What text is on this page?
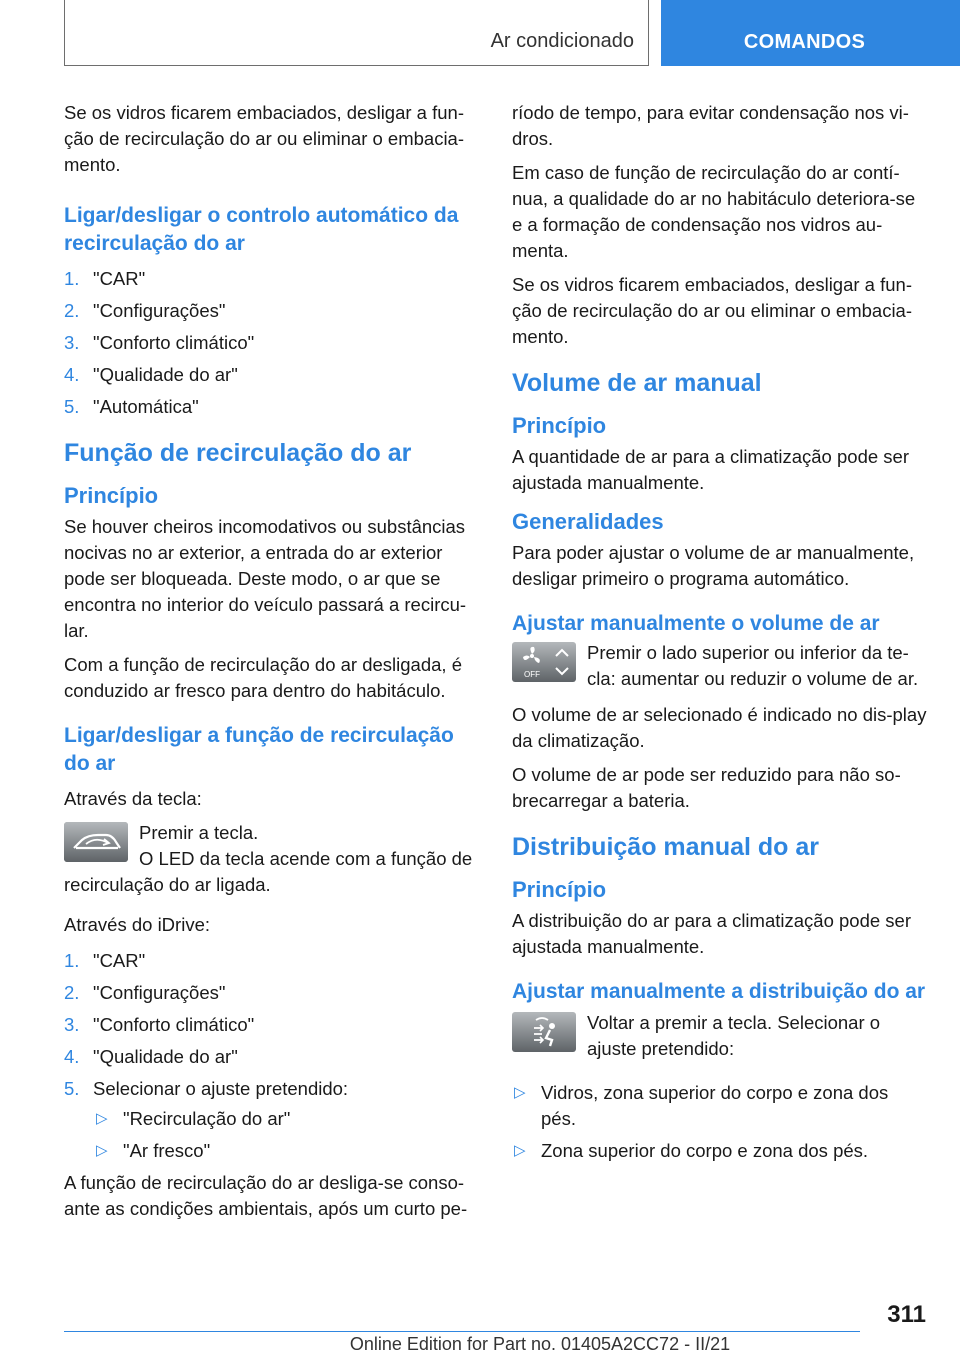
Ar condicionado	COMANDOS

Se os vidros ficarem embaciados, desligar a fun-ção de recirculação do ar ou eliminar o embacia-mento.

Ligar/desligar o controlo automático da recirculação do ar
1. "CAR"
2. "Configurações"
3. "Conforto climático"
4. "Qualidade do ar"
5. "Automática"
Função de recirculação do ar
Princípio

Se houver cheiros incomodativos ou substâncias nocivas no ar exterior, a entrada do ar exterior pode ser bloqueada. Deste modo, o ar que se encontra no interior do veículo passará a recircu-lar.

Com a função de recirculação do ar desligada, é conduzido ar fresco para dentro do habitáculo.

Ligar/desligar a função de recirculação do ar

Através da tecla:

Premir a tecla.

O LED da tecla acende com a função de recirculação do ar ligada.

Através do iDrive:

1. "CAR"
2. "Configurações"
3. "Conforto climático"
4. "Qualidade do ar"
5. Selecionar o ajuste pretendido:
▷ "Recirculação do ar"
▷ "Ar fresco"

A função de recirculação do ar desliga-se conso-ante as condições ambientais, após um curto pe-

ríodo de tempo, para evitar condensação nos vi-dros.

Em caso de função de recirculação do ar contí-nua, a qualidade do ar no habitáculo deteriora-se e a formação de condensação nos vidros au-menta.

Se os vidros ficarem embaciados, desligar a fun-ção de recirculação do ar ou eliminar o embacia-mento.

Volume de ar manual
Princípio

A quantidade de ar para a climatização pode ser ajustada manualmente.

Generalidades

Para poder ajustar o volume de ar manualmente, desligar primeiro o programa automático.

Ajustar manualmente o volume de ar
OFF
Premir o lado superior ou inferior da te-cla: aumentar ou reduzir o volume de ar.

O volume de ar selecionado é indicado no dis-play da climatização.

O volume de ar pode ser reduzido para não so-brecarregar a bateria.

Distribuição manual do ar
Princípio

A distribuição do ar para a climatização pode ser ajustada manualmente.

Ajustar manualmente a distribuição do ar
Voltar a premir a tecla. Selecionar o ajuste pretendido:
▷ Vidros, zona superior do corpo e zona dos pés.
▷ Zona superior do corpo e zona dos pés.
311
Online Edition for Part no. 01405A2CC72 - II/21
